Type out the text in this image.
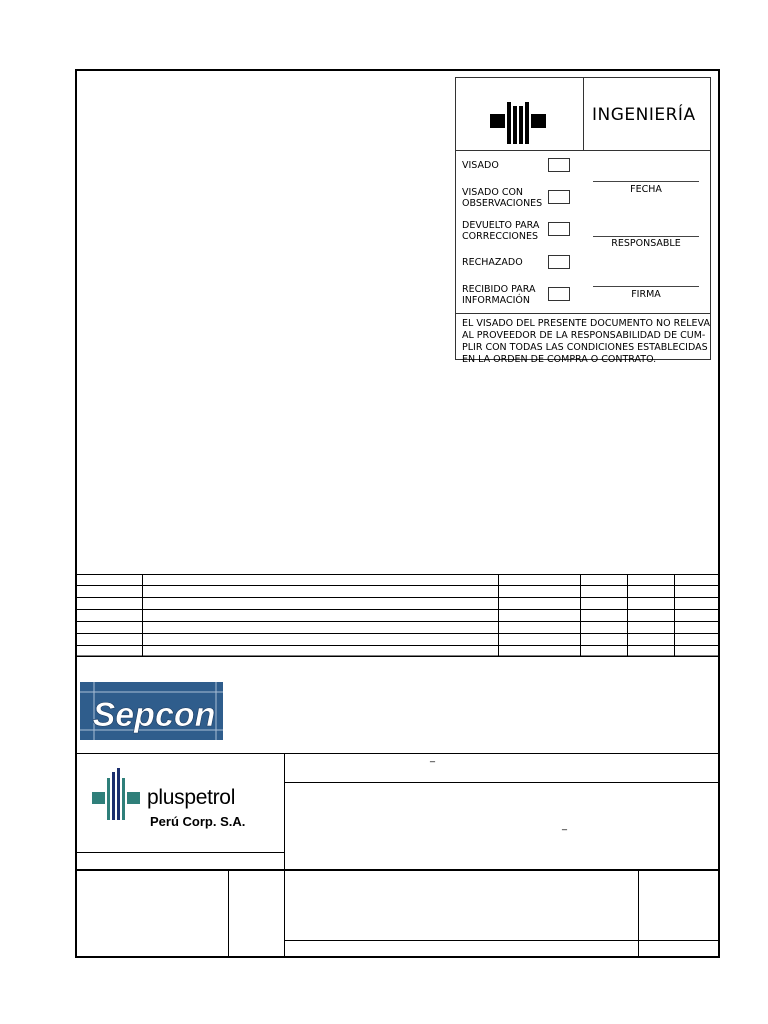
INGENIERÍA
VISADO

VISADO CON
OBSERVACIONES
DEVUELTO PARA
CORRECCIONES
RECHAZADO

RECIBIDO PARA
INFORMACIÓN
FECHA
RESPONSABLE
FIRMA
EL VISADO DEL PRESENTE DOCUMENTO NO RELEVA
AL PROVEEDOR DE LA RESPONSABILIDAD DE CUM-
PLIR CON TODAS LAS CONDICIONES ESTABLECIDAS
EN LA ORDEN DE COMPRA O CONTRATO.
Sepcon
pluspetrol
Perú Corp. S.A.
_
_
